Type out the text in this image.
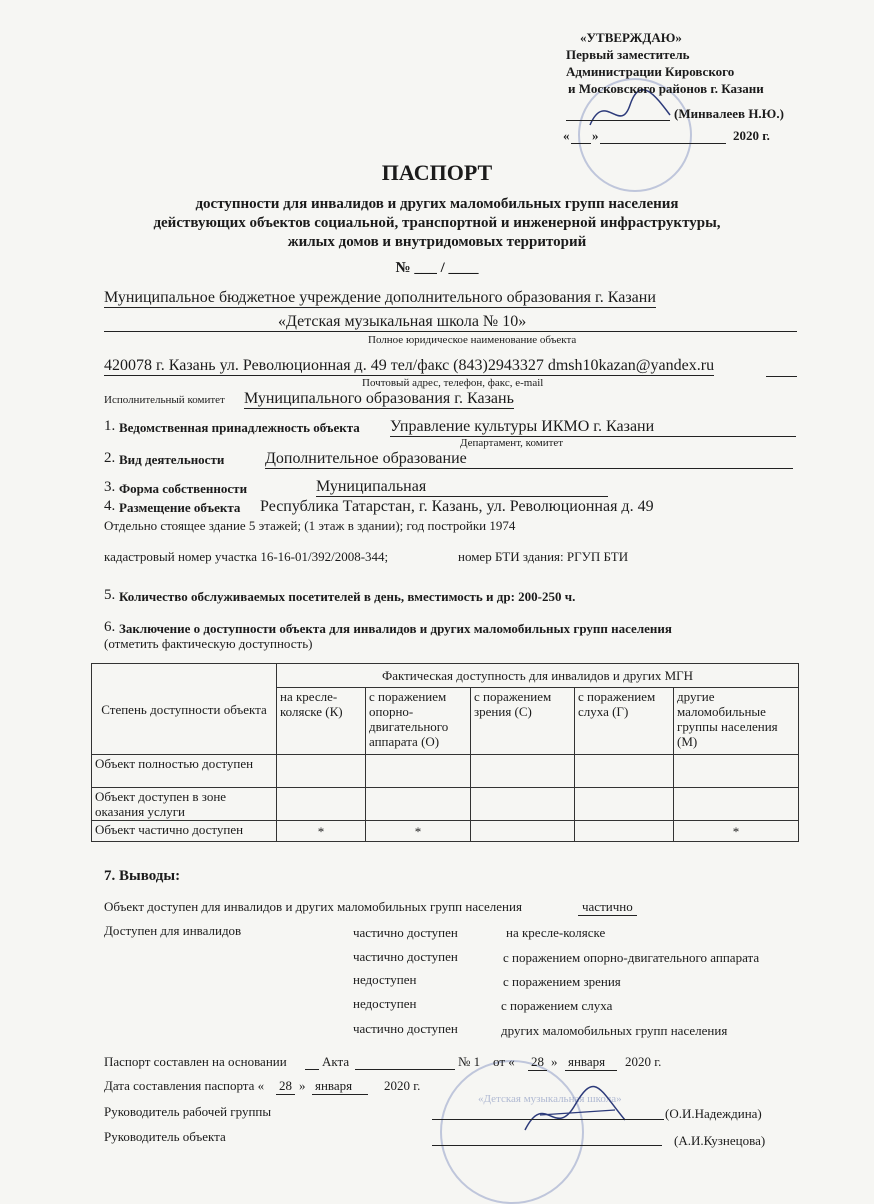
«Детская музыкальная школа»
«УТВЕРЖДАЮ»
Первый заместитель
Администрации Кировского
и Московского районов г. Казани
(Минвалеев Н.Ю.)
« »	2020 г.
ПАСПОРТ
доступности для инвалидов и других маломобильных групп населения
действующих объектов социальной, транспортной и инженерной инфраструктуры,
жилых домов и внутридомовых территорий
№ ___ / ____
Муниципальное бюджетное учреждение дополнительного образования г. Казани
«Детская музыкальная школа № 10»
Полное юридическое наименование объекта
420078 г. Казань ул. Революционная д. 49 тел/факс (843)2943327 dmsh10kazan@yandex.ru
Почтовый адрес, телефон, факс, e-mail
Исполнительный комитет Муниципального образования г. Казань
1. Ведомственная принадлежность объекта Управление культуры ИКМО г. Казани
Департамент, комитет
2. Вид деятельности	Дополнительное образование
3. Форма собственности	Муниципальная
4. Размещение объекта Республика Татарстан, г. Казань, ул. Революционная д. 49
Отдельно стоящее здание 5 этажей; (1 этаж в здании); год постройки 1974
кадастровый номер участка 16-16-01/392/2008-344;	номер БТИ здания: РГУП БТИ
5. Количество обслуживаемых посетителей в день, вместимость и др: 200-250 ч.
6. Заключение о доступности объекта для инвалидов и других маломобильных групп населения
(отметить фактическую доступность)
Степень доступности объекта	Фактическая доступность для инвалидов и других МГН				
	на кресле-коляске (К)	с поражением опорно-двигательного аппарата (О)	с поражением зрения (С)	с поражением слуха (Г)	другие маломобильные группы населения (М)
Объект полностью доступен					
Объект доступен в зоне оказания услуги					
Объект частично доступен	*	*			*
7. Выводы:
Объект доступен для инвалидов и других маломобильных групп населения	частично
Доступен для инвалидов	частично доступен	на кресле-коляске
частично доступен	с поражением опорно-двигательного аппарата
недоступен	с поражением зрения
недоступен	с поражением слуха
частично доступен	других маломобильных групп населения
Паспорт составлен на основании	Акта	№ 1 от « 28 » января	2020 г.
Дата составления паспорта « 28 » января	2020 г.
Руководитель рабочей группы	(О.И.Надеждина)
Руководитель объекта	(А.И.Кузнецова)
